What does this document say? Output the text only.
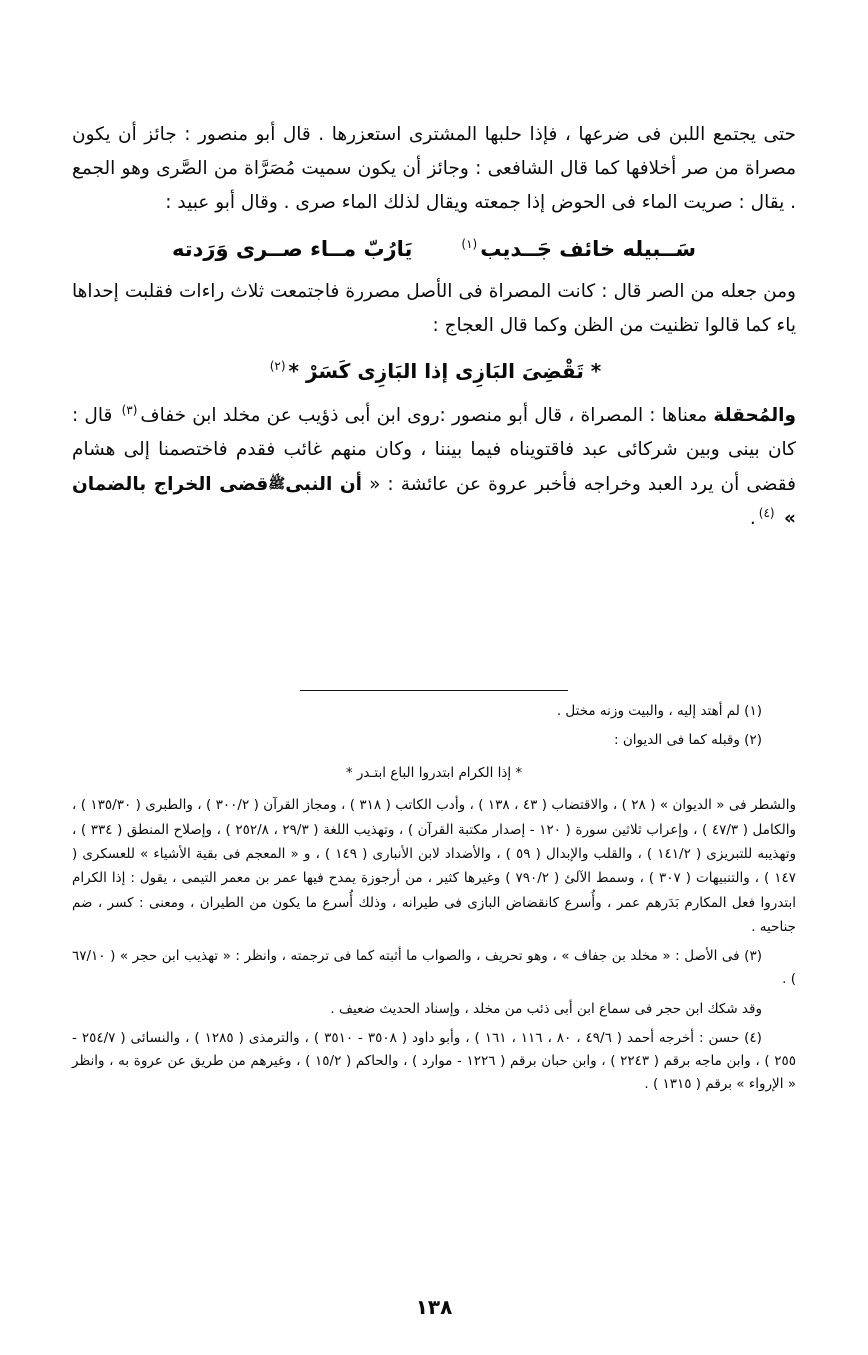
حتى يجتمع اللبن فى ضرعها ، فإذا حلبها المشترى استعزرها . قال أبو منصور : جائز أن يكون مصراة من صر أخلافها كما قال الشافعى : وجائز أن يكون سميت مُصَرَّاة من الصَّرى وهو الجمع . يقال : صريت الماء فى الحوض إذا جمعته ويقال لذلك الماء صرى . وقال أبو عبيد :

يَارُبّ مــاء صــرى وَرَدته	سَــبيله خائف جَــديب$^{(١)}$

ومن جعله من الصر قال : كانت المصراة فى الأصل مصررة فاجتمعت ثلاث راءات فقلبت إحداها ياء كما قالوا تظنيت من الظن وكما قال العجاج :

* تَقْضِىَ البَازِى إذا البَازِى كَسَرْ *$^{(٢)}$

والمُحقلة معناها : المصراة ، قال أبو منصور :روى ابن أبى ذؤيب عن مخلد ابن خفاف$^{(٣)}$ قال : كان بينى وبين شركائى عبد فاقتويناه فيما بيننا ، وكان منهم غائب فقدم فاختصمنا إلى هشام فقضى أن يرد العبد وخراجه فأخبر عروة عن عائشة : « أن النبىﷺقضى الخراج بالضمان » $^{(٤)}$.

(١) لم أهتد إليه ، والبيت وزنه مختل .

(٢) وقبله كما فى الديوان :

* إذا الكرام ابتدروا الباع ابتـدر *

والشطر فى « الديوان » ( ٢٨ ) ، والاقتضاب ( ٤٣ ، ١٣٨ ) ، وأدب الكاتب ( ٣١٨ ) ، ومجاز القرآن ( ٣٠٠/٢ ) ، والطبرى ( ١٣٥/٣٠ ) ، والكامل ( ٤٧/٣ ) ، وإعراب ثلاثين سورة ( ١٢٠ - إصدار مكتبة القرآن ) ، وتهذيب اللغة ( ٢٩/٣ ، ٢٥٢/٨ ) ، وإصلاح المنطق ( ٣٣٤ ) ، وتهذيبه للتبريزى ( ١٤١/٢ ) ، والقلب والإبدال ( ٥٩ ) ، والأضداد لابن الأنبارى ( ١٤٩ ) ، و « المعجم فى بقية الأشياء » للعسكرى ( ١٤٧ ) ، والتنبيهات ( ٣٠٧ ) ، وسمط الآلئ ( ٧٩٠/٢ ) وغيرها كثير ، من أرجوزة يمدح فيها عمر بن معمر التيمى ، يقول : إذا الكرام ابتدروا فعل المكارم بَدَرهم عمر ، وأُسرع كانقضاض البازى فى طيرانه ، وذلك أُسرع ما يكون من الطيران ، ومعنى : كسر ، ضم جناحيه .

(٣) فى الأصل : « مخلد بن جفاف » ، وهو تحريف ، والصواب ما أثبته كما فى ترجمته ، وانظر : « تهذيب ابن حجر » ( ٦٧/١٠ ) .

وقد شكك ابن حجر فى سماع ابن أبى ذئب من مخلد ، وإسناد الحديث ضعيف .

(٤) حسن : أخرجه أحمد ( ٤٩/٦ ، ٨٠ ، ١١٦ ، ١٦١ ) ، وأبو داود ( ٣٥٠٨ - ٣٥١٠ ) ، والترمذى ( ١٢٨٥ ) ، والنسائى ( ٢٥٤/٧ - ٢٥٥ ) ، وابن ماجه برقم ( ٢٢٤٣ ) ، وابن حبان برقم ( ١٢٢٦ - موارد ) ، والحاكم ( ١٥/٢ ) ، وغيرهم من طريق عن عروة به ، وانظر « الإرواء » برقم ( ١٣١٥ ) .

١٣٨
